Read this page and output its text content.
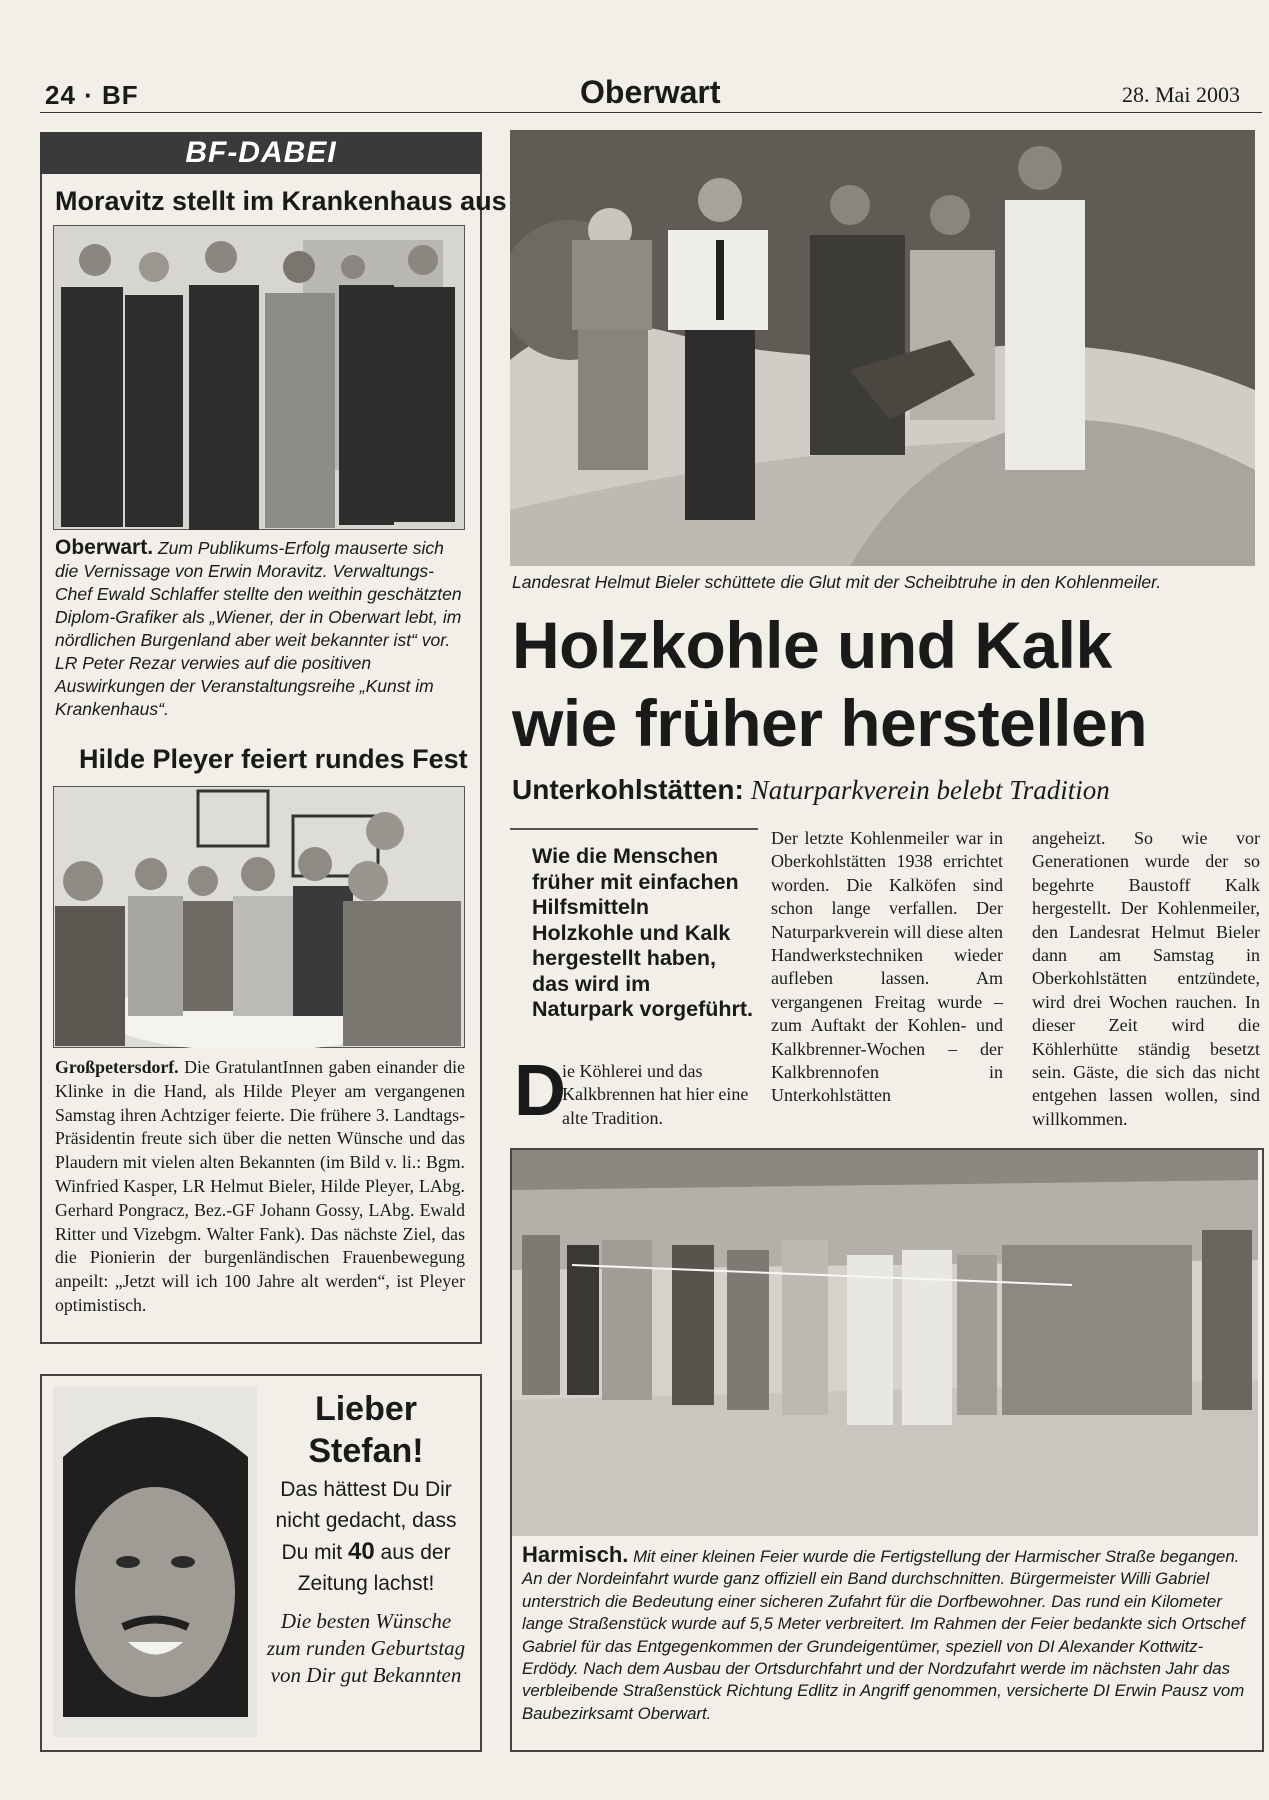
24 · BF	Oberwart	28. Mai 2003
BF-DABEI
Moravitz stellt im Krankenhaus aus
Oberwart. Zum Publikums-Erfolg mauserte sich die Vernissage von Erwin Moravitz. Verwaltungs-Chef Ewald Schlaffer stellte den weithin geschätzten Diplom-Grafiker als „Wiener, der in Oberwart lebt, im nördlichen Burgenland aber weit bekannter ist“ vor. LR Peter Rezar verwies auf die positiven Auswirkungen der Veranstaltungsreihe „Kunst im Krankenhaus“.
Hilde Pleyer feiert rundes Fest
Großpetersdorf. Die GratulantInnen gaben einander die Klinke in die Hand, als Hilde Pleyer am vergangenen Samstag ihren Achtziger feierte. Die frühere 3. Landtags-Präsidentin freute sich über die netten Wünsche und das Plaudern mit vielen alten Bekannten (im Bild v. li.: Bgm. Winfried Kasper, LR Helmut Bieler, Hilde Pleyer, LAbg. Gerhard Pongracz, Bez.-GF Johann Gossy, LAbg. Ewald Ritter und Vizebgm. Walter Fank). Das nächste Ziel, das die Pionierin der burgenländischen Frauenbewegung anpeilt: „Jetzt will ich 100 Jahre alt werden“, ist Pleyer optimistisch.
Lieber
Stefan!
Das hättest Du Dir nicht gedacht, dass Du mit 40 aus der Zeitung lachst!
Die besten Wünsche zum runden Geburtstag von Dir gut Bekannten
Landesrat Helmut Bieler schüttete die Glut mit der Scheibtruhe in den Kohlenmeiler.
Holzkohle und Kalk
wie früher herstellen
Unterkohlstätten: Naturparkverein belebt Tradition
Wie die Menschen früher mit einfachen Hilfsmitteln Holzkohle und Kalk hergestellt haben, das wird im Naturpark vorgeführt.
D
ie Köhlerei und das Kalkbrennen hat hier eine alte Tradition.
Der letzte Kohlenmeiler war in Oberkohlstätten 1938 errichtet worden. Die Kalköfen sind schon lange verfallen. Der Naturparkverein will diese alten Handwerkstechniken wieder aufleben lassen. Am vergangenen Freitag wurde – zum Auftakt der Kohlen- und Kalkbrenner-Wochen – der Kalkbrennofen in Unterkohlstätten
angeheizt. So wie vor Generationen wurde der so begehrte Baustoff Kalk hergestellt. Der Kohlenmeiler, den Landesrat Helmut Bieler dann am Samstag in Oberkohlstätten entzündete, wird drei Wochen rauchen. In dieser Zeit wird die Köhlerhütte ständig besetzt sein. Gäste, die sich das nicht entgehen lassen wollen, sind willkommen.
Harmisch. Mit einer kleinen Feier wurde die Fertigstellung der Harmischer Straße begangen. An der Nordeinfahrt wurde ganz offiziell ein Band durchschnitten. Bürgermeister Willi Gabriel unterstrich die Bedeutung einer sicheren Zufahrt für die Dorfbewohner. Das rund ein Kilometer lange Straßenstück wurde auf 5,5 Meter verbreitert. Im Rahmen der Feier bedankte sich Ortschef Gabriel für das Entgegenkommen der Grundeigentümer, speziell von DI Alexander Kottwitz-Erdödy. Nach dem Ausbau der Ortsdurchfahrt und der Nordzufahrt werde im nächsten Jahr das verbleibende Straßenstück Richtung Edlitz in Angriff genommen, versicherte DI Erwin Pausz vom Baubezirksamt Oberwart.
